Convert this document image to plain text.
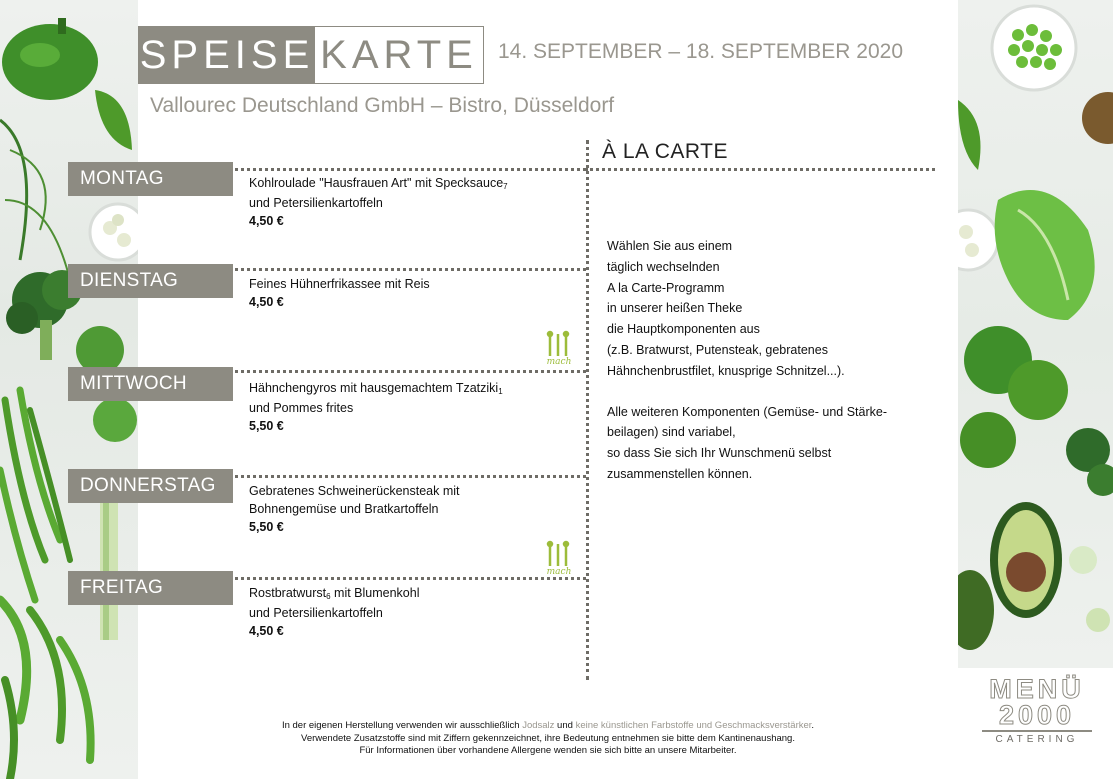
SPEISE KARTE 14. SEPTEMBER – 18. SEPTEMBER 2020
Vallourec Deutschland GmbH – Bistro, Düsseldorf
À LA CARTE
MONTAG
DIENSTAG
MITTWOCH
DONNERSTAG
FREITAG
Kohlroulade "Hausfrauen Art" mit Specksauce$_7$
und Petersilienkartoffeln
4,50 €
Feines Hühnerfrikassee mit Reis
4,50 €
Hähnchengyros mit hausgemachtem Tzatziki$_1$
und Pommes frites
5,50 €
Gebratenes Schweinerückensteak mit
Bohnengemüse und Bratkartoffeln
5,50 €
Rostbratwurst$_6$ mit Blumenkohl
und Petersilienkartoffeln
4,50 €
mach
mach

Wählen Sie aus einem

täglich wechselnden

A la Carte-Programm

in unserer heißen Theke

die Hauptkomponenten aus

(z.B. Bratwurst, Putensteak, gebratenes

Hähnchenbrustfilet, knusprige Schnitzel...).

Alle weiteren Komponenten (Gemüse- und Stärke-

beilagen) sind variabel,

so dass Sie sich Ihr Wunschmenü selbst

zusammenstellen können.

In der eigenen Herstellung verwenden wir ausschließlich Jodsalz und keine künstlichen Farbstoffe und Geschmacksverstärker.
Verwendete Zusatzstoffe sind mit Ziffern gekennzeichnet, ihre Bedeutung entnehmen sie bitte dem Kantinenaushang.
Für Informationen über vorhandene Allergene wenden sie sich bitte an unsere Mitarbeiter.
MENÜ
2000
CATERING
